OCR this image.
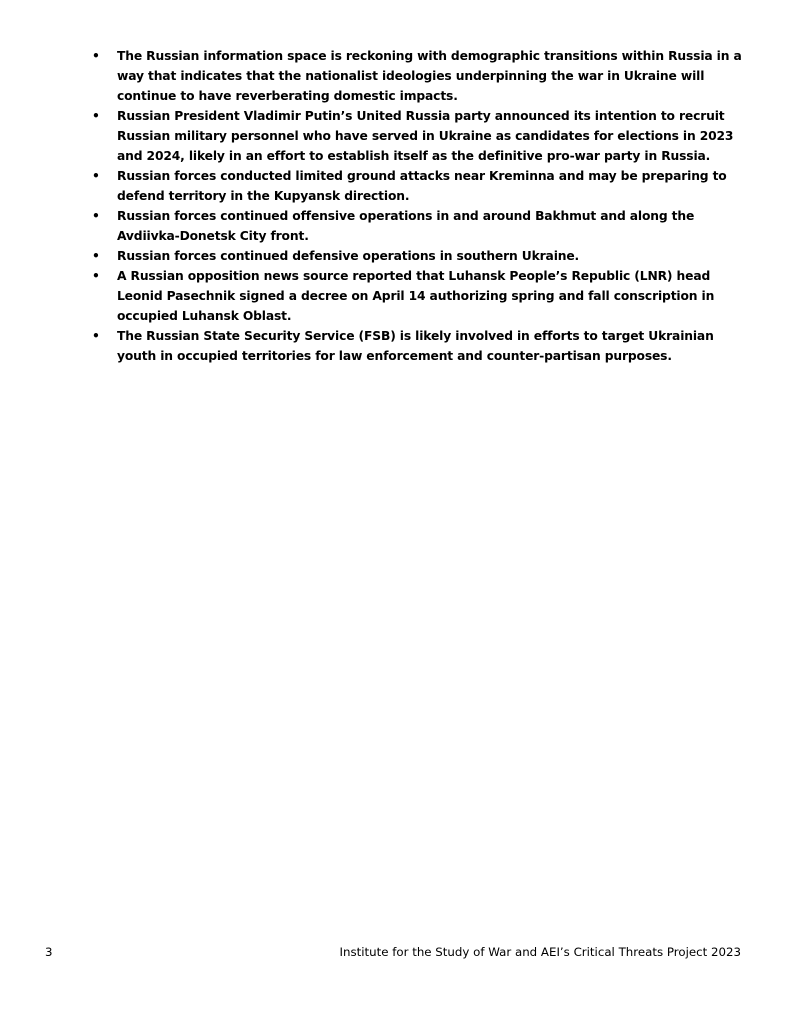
• The Russian information space is reckoning with demographic transitions within Russia in a way that indicates that the nationalist ideologies underpinning the war in Ukraine will continue to have reverberating domestic impacts.
• Russian President Vladimir Putin’s United Russia party announced its intention to recruit Russian military personnel who have served in Ukraine as candidates for elections in 2023 and 2024, likely in an effort to establish itself as the definitive pro-war party in Russia.
• Russian forces conducted limited ground attacks near Kreminna and may be preparing to defend territory in the Kupyansk direction.
• Russian forces continued offensive operations in and around Bakhmut and along the Avdiivka-Donetsk City front.
• Russian forces continued defensive operations in southern Ukraine.
• A Russian opposition news source reported that Luhansk People’s Republic (LNR) head Leonid Pasechnik signed a decree on April 14 authorizing spring and fall conscription in occupied Luhansk Oblast.
• The Russian State Security Service (FSB) is likely involved in efforts to target Ukrainian youth in occupied territories for law enforcement and counter-partisan purposes.
3	Institute for the Study of War and AEI’s Critical Threats Project 2023
